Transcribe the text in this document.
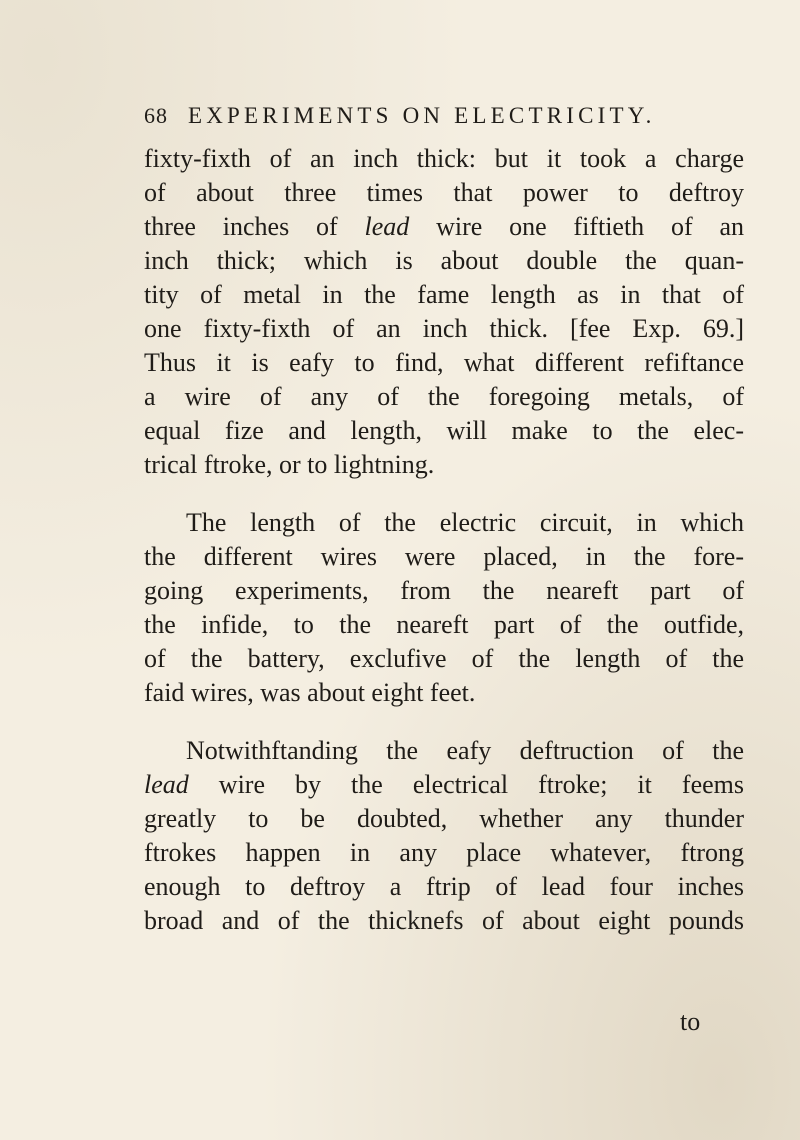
68 EXPERIMENTS ON ELECTRICITY.
fixty-fixth of an inch thick: but it took a charge
of about three times that power to deftroy
three inches of lead wire one fiftieth of an
inch thick; which is about double the quan-
tity of metal in the fame length as in that of
one fixty-fixth of an inch thick. [fee Exp. 69.]
Thus it is eafy to find, what different refiftance
a wire of any of the foregoing metals, of
equal fize and length, will make to the elec-
trical ftroke, or to lightning.
The length of the electric circuit, in which
the different wires were placed, in the fore-
going experiments, from the neareft part of
the infide, to the neareft part of the outfide,
of the battery, exclufive of the length of the
faid wires, was about eight feet.
Notwithftanding the eafy deftruction of the
lead wire by the electrical ftroke; it feems
greatly to be doubted, whether any thunder
ftrokes happen in any place whatever, ftrong
enough to deftroy a ftrip of lead four inches
broad and of the thicknefs of about eight pounds
to
